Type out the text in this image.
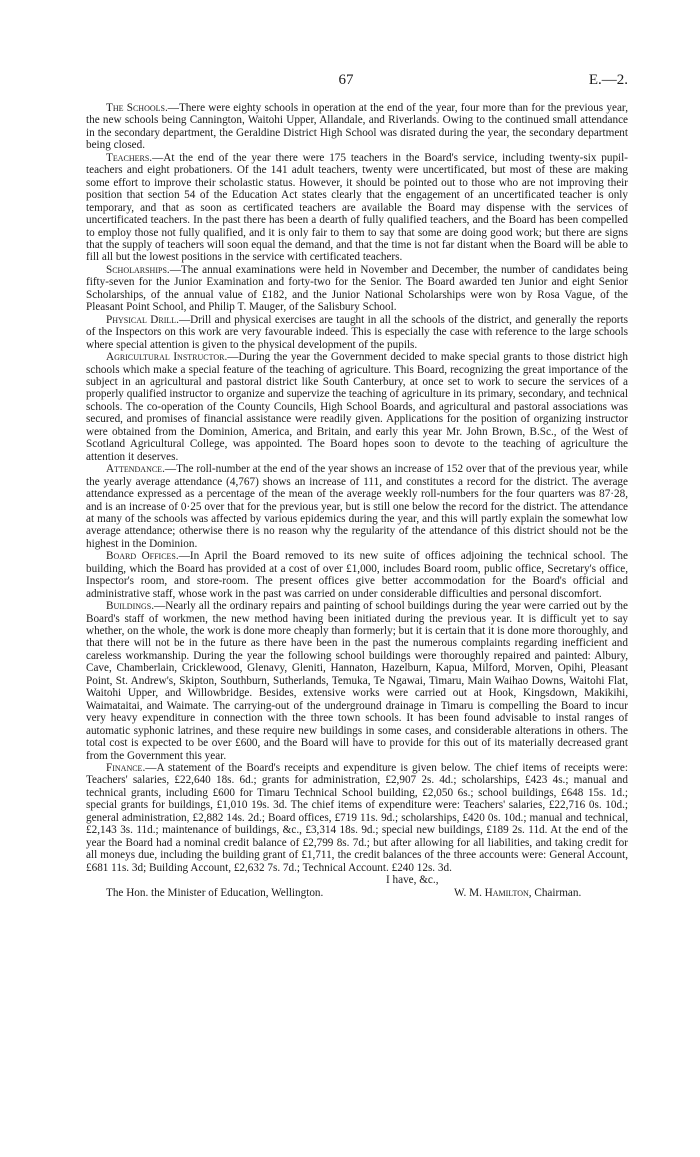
67	E.—2.

The Schools.—There were eighty schools in operation at the end of the year, four more than for the previous year, the new schools being Cannington, Waitohi Upper, Allandale, and Riverlands. Owing to the continued small attendance in the secondary department, the Geraldine District High School was disrated during the year, the secondary department being closed.

Teachers.—At the end of the year there were 175 teachers in the Board's service, including twenty-six pupil-teachers and eight probationers. Of the 141 adult teachers, twenty were uncertificated, but most of these are making some effort to improve their scholastic status. However, it should be pointed out to those who are not improving their position that section 54 of the Education Act states clearly that the engagement of an uncertificated teacher is only temporary, and that as soon as certificated teachers are available the Board may dispense with the services of uncertificated teachers. In the past there has been a dearth of fully qualified teachers, and the Board has been compelled to employ those not fully qualified, and it is only fair to them to say that some are doing good work; but there are signs that the supply of teachers will soon equal the demand, and that the time is not far distant when the Board will be able to fill all but the lowest positions in the service with certificated teachers.

Scholarships.—The annual examinations were held in November and December, the number of candidates being fifty-seven for the Junior Examination and forty-two for the Senior. The Board awarded ten Junior and eight Senior Scholarships, of the annual value of £182, and the Junior National Scholarships were won by Rosa Vague, of the Pleasant Point School, and Philip T. Mauger, of the Salisbury School.

Physical Drill.—Drill and physical exercises are taught in all the schools of the district, and generally the reports of the Inspectors on this work are very favourable indeed. This is especially the case with reference to the large schools where special attention is given to the physical development of the pupils.

Agricultural Instructor.—During the year the Government decided to make special grants to those district high schools which make a special feature of the teaching of agriculture. This Board, recognizing the great importance of the subject in an agricultural and pastoral district like South Canterbury, at once set to work to secure the services of a properly qualified instructor to organize and supervize the teaching of agriculture in its primary, secondary, and technical schools. The co-operation of the County Councils, High School Boards, and agricultural and pastoral associations was secured, and promises of financial assistance were readily given. Applications for the position of organizing instructor were obtained from the Dominion, America, and Britain, and early this year Mr. John Brown, B.Sc., of the West of Scotland Agricultural College, was appointed. The Board hopes soon to devote to the teaching of agriculture the attention it deserves.

Attendance.—The roll-number at the end of the year shows an increase of 152 over that of the previous year, while the yearly average attendance (4,767) shows an increase of 111, and constitutes a record for the district. The average attendance expressed as a percentage of the mean of the average weekly roll-numbers for the four quarters was 87·28, and is an increase of 0·25 over that for the previous year, but is still one below the record for the district. The attendance at many of the schools was affected by various epidemics during the year, and this will partly explain the somewhat low average attendance; otherwise there is no reason why the regularity of the attendance of this district should not be the highest in the Dominion.

Board Offices.—In April the Board removed to its new suite of offices adjoining the technical school. The building, which the Board has provided at a cost of over £1,000, includes Board room, public office, Secretary's office, Inspector's room, and store-room. The present offices give better accommodation for the Board's official and administrative staff, whose work in the past was carried on under considerable difficulties and personal discomfort.

Buildings.—Nearly all the ordinary repairs and painting of school buildings during the year were carried out by the Board's staff of workmen, the new method having been initiated during the previous year. It is difficult yet to say whether, on the whole, the work is done more cheaply than formerly; but it is certain that it is done more thoroughly, and that there will not be in the future as there have been in the past the numerous complaints regarding inefficient and careless workmanship. During the year the following school buildings were thoroughly repaired and painted: Albury, Cave, Chamberlain, Cricklewood, Glenavy, Gleniti, Hannaton, Hazelburn, Kapua, Milford, Morven, Opihi, Pleasant Point, St. Andrew's, Skipton, Southburn, Sutherlands, Temuka, Te Ngawai, Timaru, Main Waihao Downs, Waitohi Flat, Waitohi Upper, and Willowbridge. Besides, extensive works were carried out at Hook, Kingsdown, Makikihi, Waimataitai, and Waimate. The carrying-out of the underground drainage in Timaru is compelling the Board to incur very heavy expenditure in connection with the three town schools. It has been found advisable to instal ranges of automatic syphonic latrines, and these require new buildings in some cases, and considerable alterations in others. The total cost is expected to be over £600, and the Board will have to provide for this out of its materially decreased grant from the Government this year.

Finance.—A statement of the Board's receipts and expenditure is given below. The chief items of receipts were: Teachers' salaries, £22,640 18s. 6d.; grants for administration, £2,907 2s. 4d.; scholarships, £423 4s.; manual and technical grants, including £600 for Timaru Technical School building, £2,050 6s.; school buildings, £648 15s. 1d.; special grants for buildings, £1,010 19s. 3d. The chief items of expenditure were: Teachers' salaries, £22,716 0s. 10d.; general administration, £2,882 14s. 2d.; Board offices, £719 11s. 9d.; scholarships, £420 0s. 10d.; manual and technical, £2,143 3s. 11d.; maintenance of buildings, &c., £3,314 18s. 9d.; special new buildings, £189 2s. 11d. At the end of the year the Board had a nominal credit balance of £2,799 8s. 7d.; but after allowing for all liabilities, and taking credit for all moneys due, including the building grant of £1,711, the credit balances of the three accounts were: General Account, £681 11s. 3d; Building Account, £2,632 7s. 7d.; Technical Account. £240 12s. 3d.

I have, &c.,
The Hon. the Minister of Education, Wellington.	W. M. Hamilton, Chairman.
